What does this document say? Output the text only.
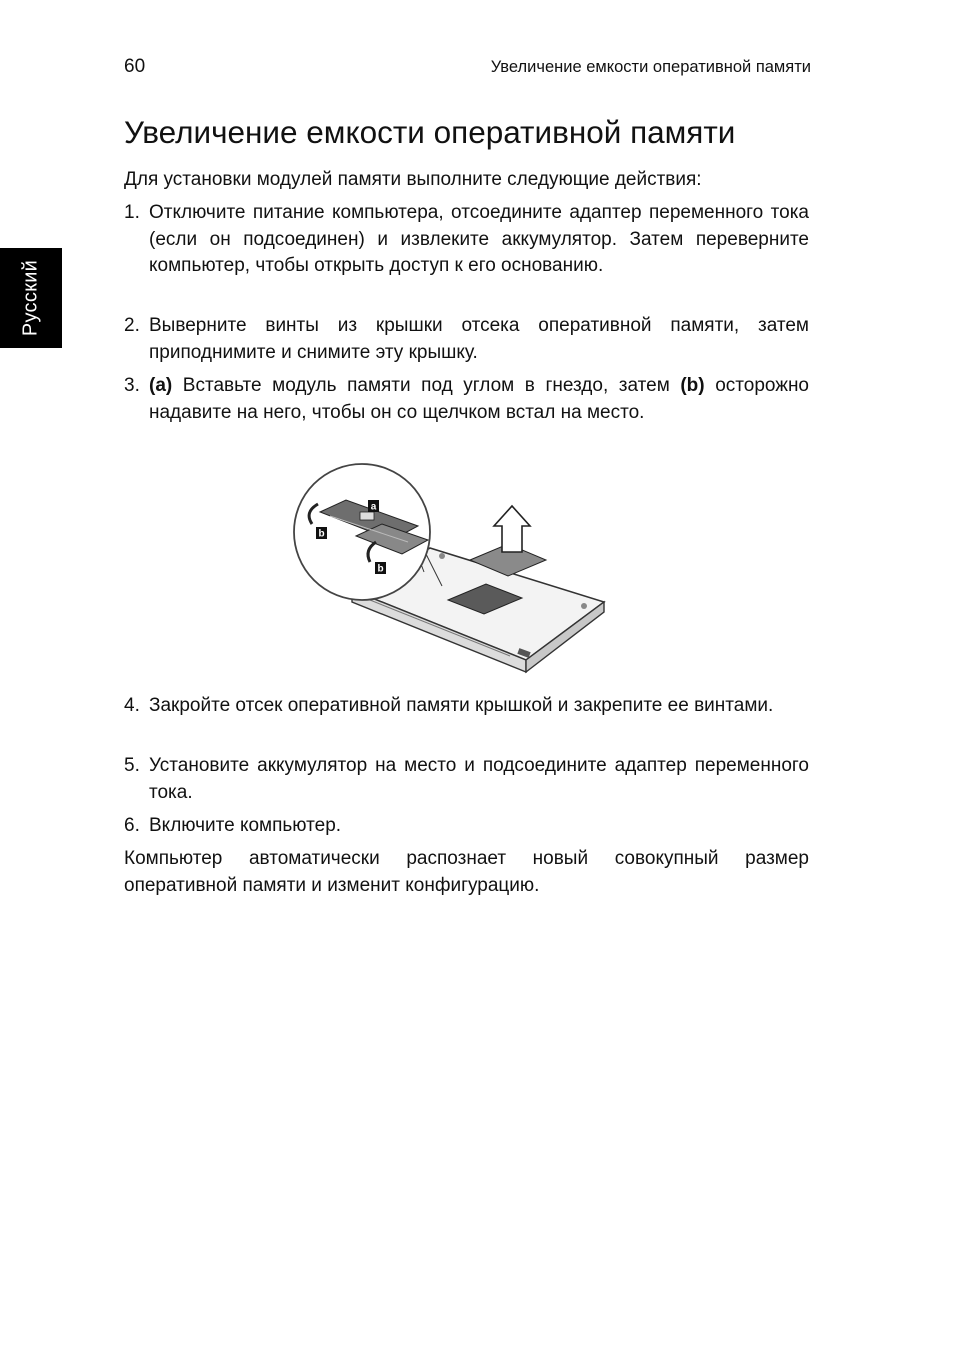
60	Увеличение емкости оперативной памяти
Русский
Увеличение емкости оперативной памяти

Для установки модулей памяти выполните следующие действия:

1. Отключите питание компьютера, отсоедините адаптер переменного тока (если он подсоединен) и извлеките аккумулятор. Затем переверните компьютер, чтобы открыть доступ к его основанию.
2. Выверните винты из крышки отсека оперативной памяти, затем приподнимите и снимите эту крышку.
3. (a) Вставьте модуль памяти под углом в гнездо, затем (b) осторожно надавите на него, чтобы он со щелчком встал на место.
a
b
b
4. Закройте отсек оперативной памяти крышкой и закрепите ее винтами.
5. Установите аккумулятор на место и подсоедините адаптер переменного тока.
6. Включите компьютер.

Компьютер автоматически распознает новый совокупный размер оперативной памяти и изменит конфигурацию.
